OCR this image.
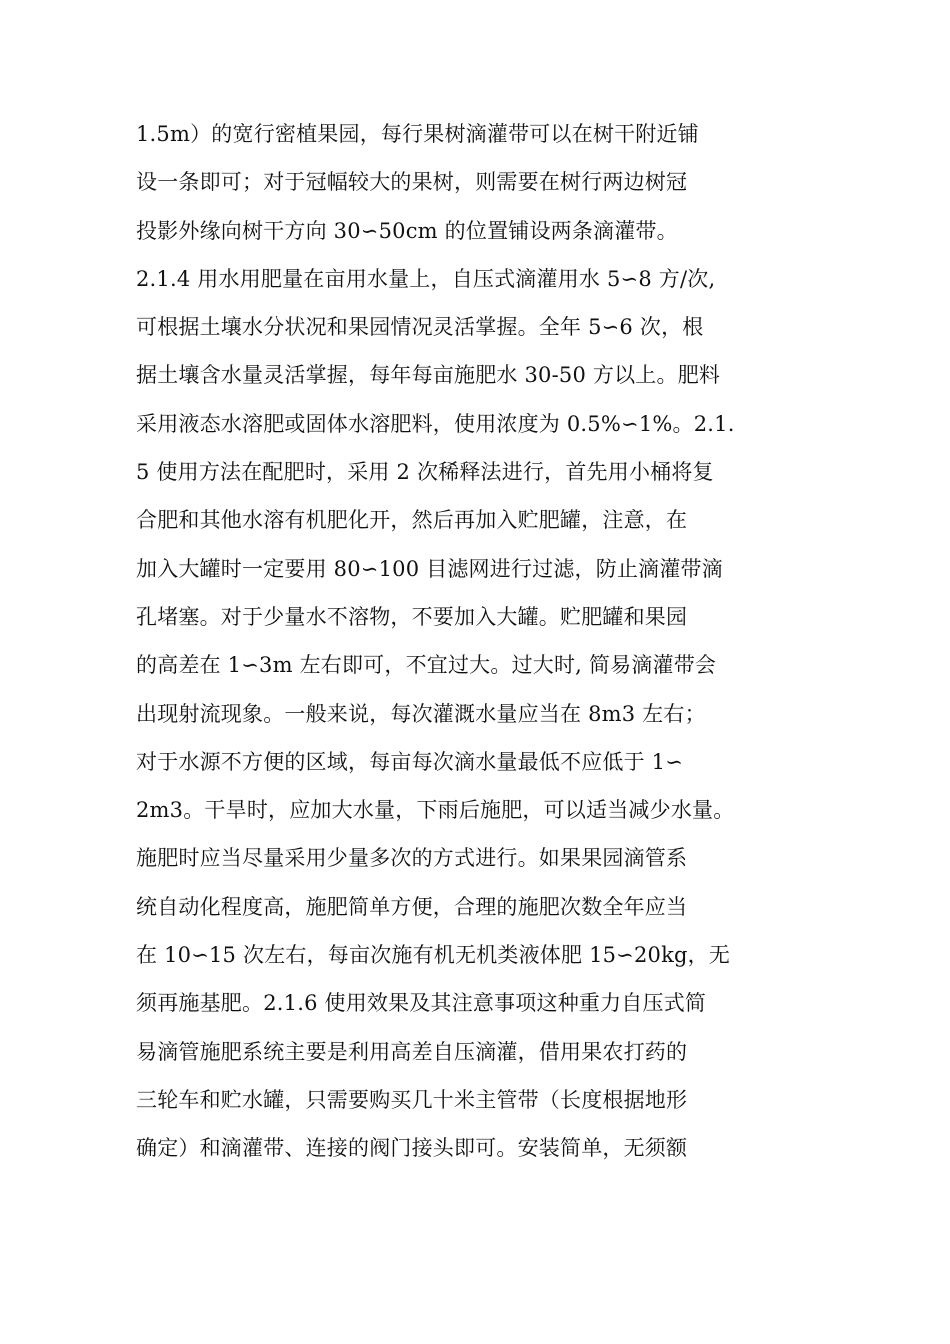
1.5m）的宽行密植果园，每行果树滴灌带可以在树干附近铺
设一条即可；对于冠幅较大的果树，则需要在树行两边树冠
投影外缘向树干方向 30∽50cm 的位置铺设两条滴灌带。
2.1.4 用水用肥量在亩用水量上，自压式滴灌用水 5∽8 方/次,
可根据土壤水分状况和果园情况灵活掌握。全年 5∽6 次，根
据土壤含水量灵活掌握，每年每亩施肥水 30-50 方以上。肥料
采用液态水溶肥或固体水溶肥料，使用浓度为 0.5%∽1%。2.1.
5 使用方法在配肥时，采用 2 次稀释法进行，首先用小桶将复
合肥和其他水溶有机肥化开，然后再加入贮肥罐，注意，在
加入大罐时一定要用 80∽100 目滤网进行过滤，防止滴灌带滴
孔堵塞。对于少量水不溶物，不要加入大罐。贮肥罐和果园
的高差在 1∽3m 左右即可，不宜过大。过大时, 简易滴灌带会
出现射流现象。一般来说，每次灌溉水量应当在 8m3 左右；
对于水源不方便的区域，每亩每次滴水量最低不应低于 1∽
2m3。干旱时，应加大水量，下雨后施肥，可以适当减少水量。
施肥时应当尽量采用少量多次的方式进行。如果果园滴管系
统自动化程度高，施肥简单方便，合理的施肥次数全年应当
在 10∽15 次左右，每亩次施有机无机类液体肥 15∽20kg，无
须再施基肥。2.1.6 使用效果及其注意事项这种重力自压式简
易滴管施肥系统主要是利用高差自压滴灌，借用果农打药的
三轮车和贮水罐，只需要购买几十米主管带（长度根据地形
确定）和滴灌带、连接的阀门接头即可。安装简单，无须额
